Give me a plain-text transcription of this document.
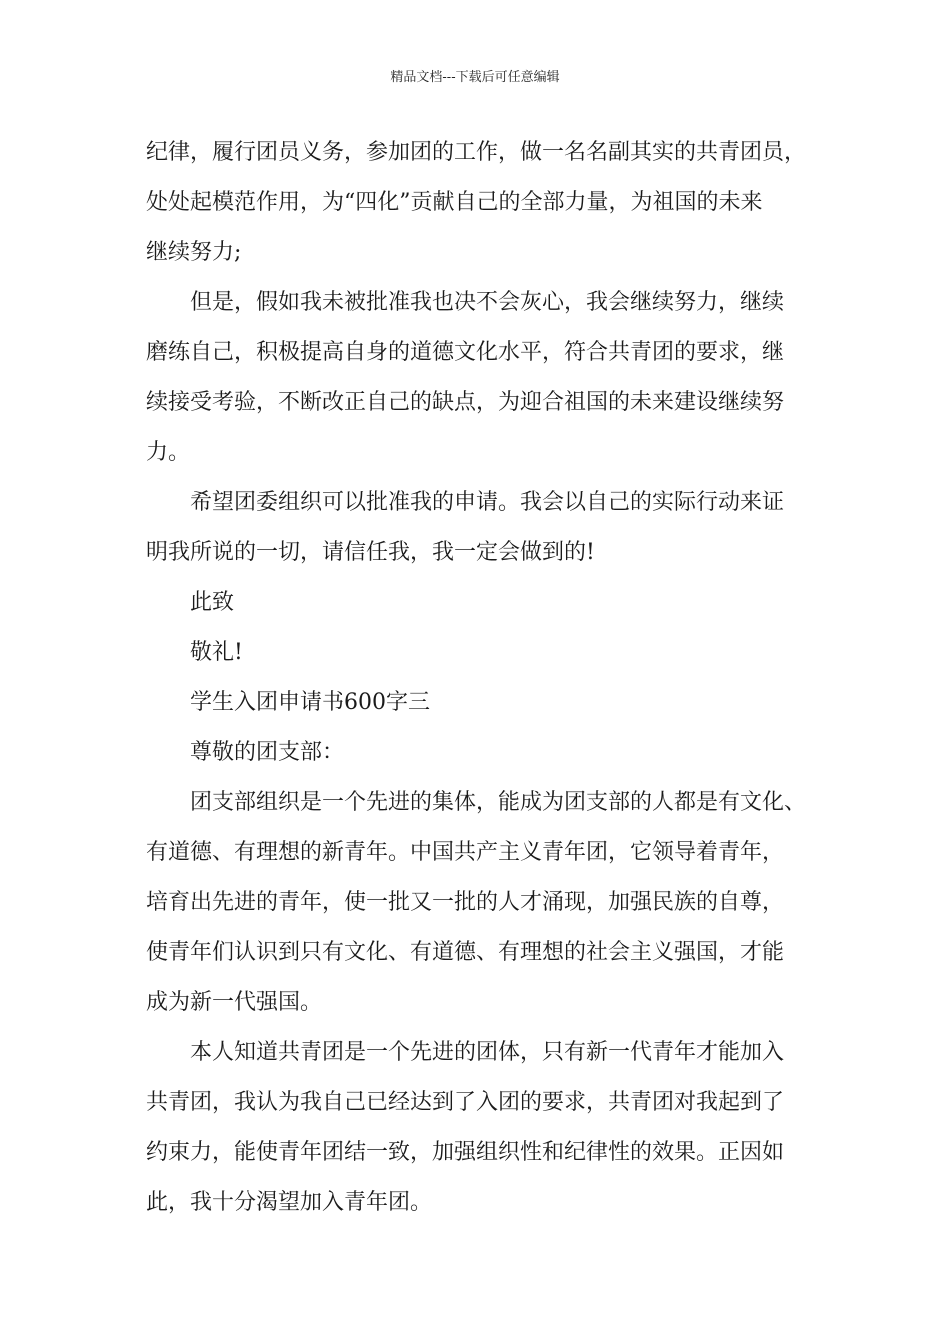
精品文档---下载后可任意编辑
纪律，履行团员义务，参加团的工作，做一名名副其实的共青团员，
处处起模范作用，为“四化”贡献自己的全部力量，为祖国的未来
继续努力;
但是，假如我未被批准我也决不会灰心，我会继续努力，继续
磨练自己，积极提高自身的道德文化水平，符合共青团的要求，继
续接受考验，不断改正自己的缺点，为迎合祖国的未来建设继续努
力。
希望团委组织可以批准我的申请。我会以自己的实际行动来证
明我所说的一切，请信任我，我一定会做到的!
此致
敬礼!
学生入团申请书600字三
尊敬的团支部：
团支部组织是一个先进的集体，能成为团支部的人都是有文化、
有道德、有理想的新青年。中国共产主义青年团，它领导着青年，
培育出先进的青年，使一批又一批的人才涌现，加强民族的自尊，
使青年们认识到只有文化、有道德、有理想的社会主义强国，才能
成为新一代强国。
本人知道共青团是一个先进的团体，只有新一代青年才能加入
共青团，我认为我自己已经达到了入团的要求，共青团对我起到了
约束力，能使青年团结一致，加强组织性和纪律性的效果。正因如
此，我十分渴望加入青年团。
